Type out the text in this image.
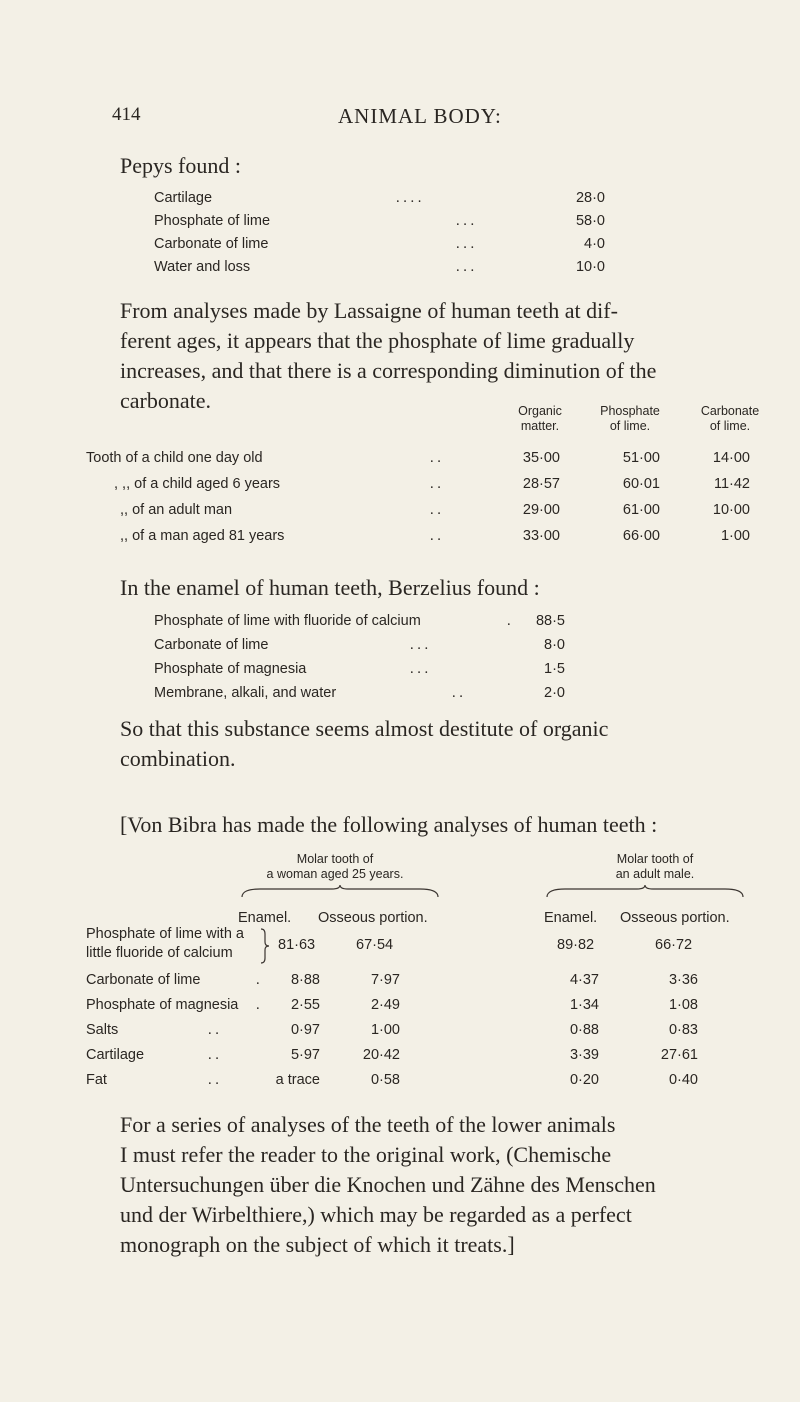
414	ANIMAL BODY:
Pepys found :
Cartilage	. . . .	28·0
Phosphate of lime	. . .	58·0
Carbonate of lime	. . .	4·0
Water and loss	. . .	10·0
From analyses made by Lassaigne of human teeth at dif-
ferent ages, it appears that the phosphate of lime gradually
increases, and that there is a corresponding diminution of the
carbonate.	Organic
matter.
Phosphate
of lime.
Carbonate
of lime.
Tooth of a child one day old	. .	35·00	51·00	14·00
, ,, of a child aged 6 years	. .	28·57	60·01	11·42
,, of an adult man	. .	29·00	61·00	10·00
,, of a man aged 81 years	. .	33·00	66·00	1·00
In the enamel of human teeth, Berzelius found :
Phosphate of lime with fluoride of calcium	.	88·5
Carbonate of lime	. . .	8·0
Phosphate of magnesia	. . .	1·5
Membrane, alkali, and water	. .	2·0
So that this substance seems almost destitute of organic
combination.
[Von Bibra has made the following analyses of human teeth :
Molar tooth of
a woman aged 25 years.
Molar tooth of
an adult male.
Enamel. Osseous portion.	Enamel. Osseous portion.
Phosphate of lime with a
little fluoride of calcium	81·63	67·54	89·82	66·72
Carbonate of lime	.	8·88	7·97	4·37	3·36
Phosphate of magnesia .	2·55	2·49	1·34	1·08
Salts	. .	0·97	1·00	0·88	0·83
Cartilage	. .	5·97	20·42	3·39	27·61
Fat	. .	a trace	0·58	0·20	0·40
For a series of analyses of the teeth of the lower animals
I must refer the reader to the original work, (Chemische
Untersuchungen über die Knochen und Zähne des Menschen
und der Wirbelthiere,) which may be regarded as a perfect
monograph on the subject of which it treats.]
